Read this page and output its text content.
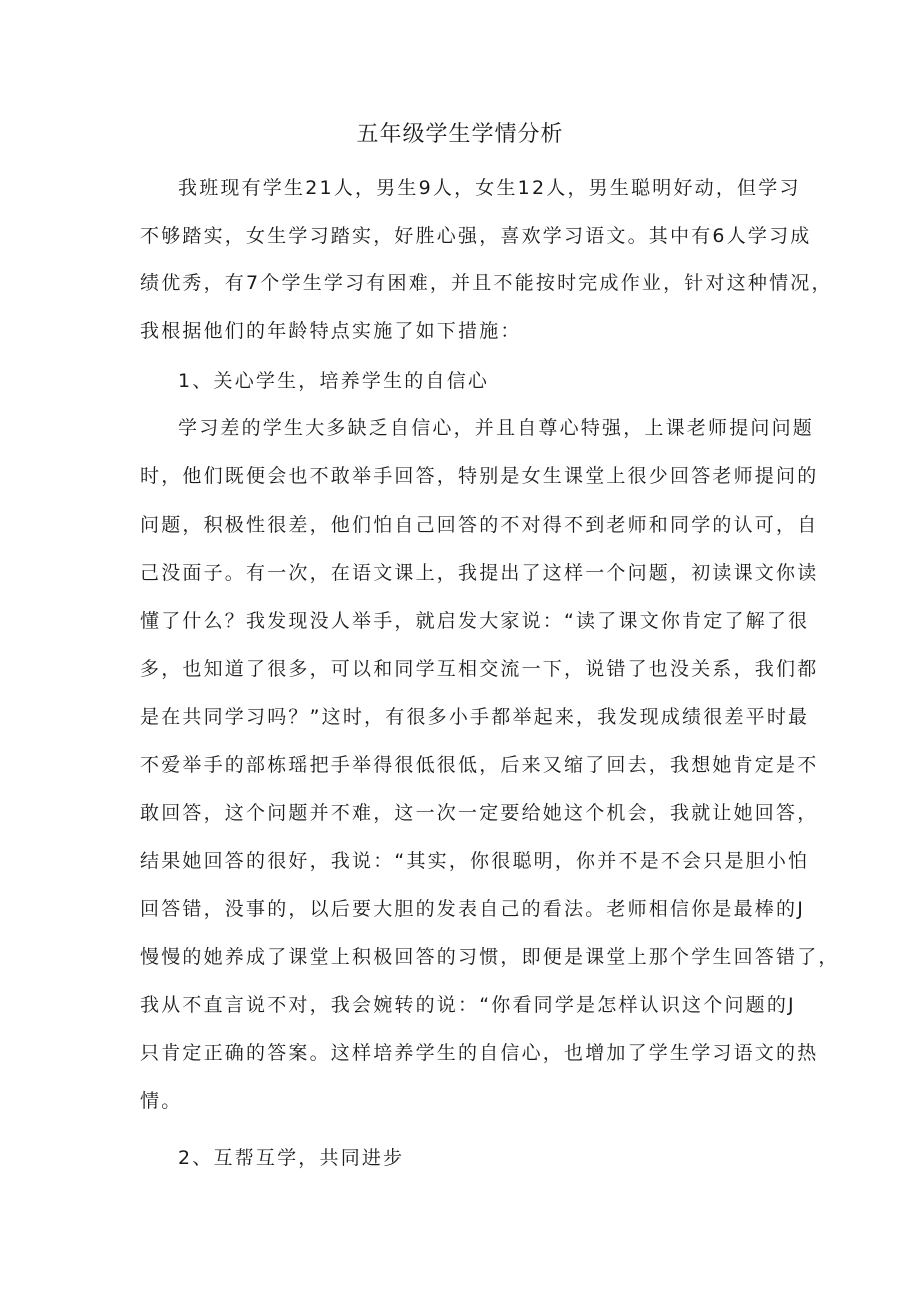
五年级学生学情分析
我班现有学生21人，男生9人，女生12人，男生聪明好动，但学习
不够踏实，女生学习踏实，好胜心强，喜欢学习语文。其中有6人学习成
绩优秀，有7个学生学习有困难，并且不能按时完成作业，针对这种情况，
我根据他们的年龄特点实施了如下措施：
1、关心学生，培养学生的自信心
学习差的学生大多缺乏自信心，并且自尊心特强，上课老师提问问题
时，他们既便会也不敢举手回答，特别是女生课堂上很少回答老师提问的
问题，积极性很差，他们怕自己回答的不对得不到老师和同学的认可，自
己没面子。有一次，在语文课上，我提出了这样一个问题，初读课文你读
懂了什么？我发现没人举手，就启发大家说：“读了课文你肯定了解了很
多，也知道了很多，可以和同学互相交流一下，说错了也没关系，我们都
是在共同学习吗？”这时，有很多小手都举起来，我发现成绩很差平时最
不爱举手的部栋瑶把手举得很低很低，后来又缩了回去，我想她肯定是不
敢回答，这个问题并不难，这一次一定要给她这个机会，我就让她回答，
结果她回答的很好，我说：“其实，你很聪明，你并不是不会只是胆小怕
回答错，没事的，以后要大胆的发表自己的看法。老师相信你是最棒的J
慢慢的她养成了课堂上积极回答的习惯，即便是课堂上那个学生回答错了，
我从不直言说不对，我会婉转的说：“你看同学是怎样认识这个问题的J
只肯定正确的答案。这样培养学生的自信心，也增加了学生学习语文的热
情。
2、互帮互学，共同进步
